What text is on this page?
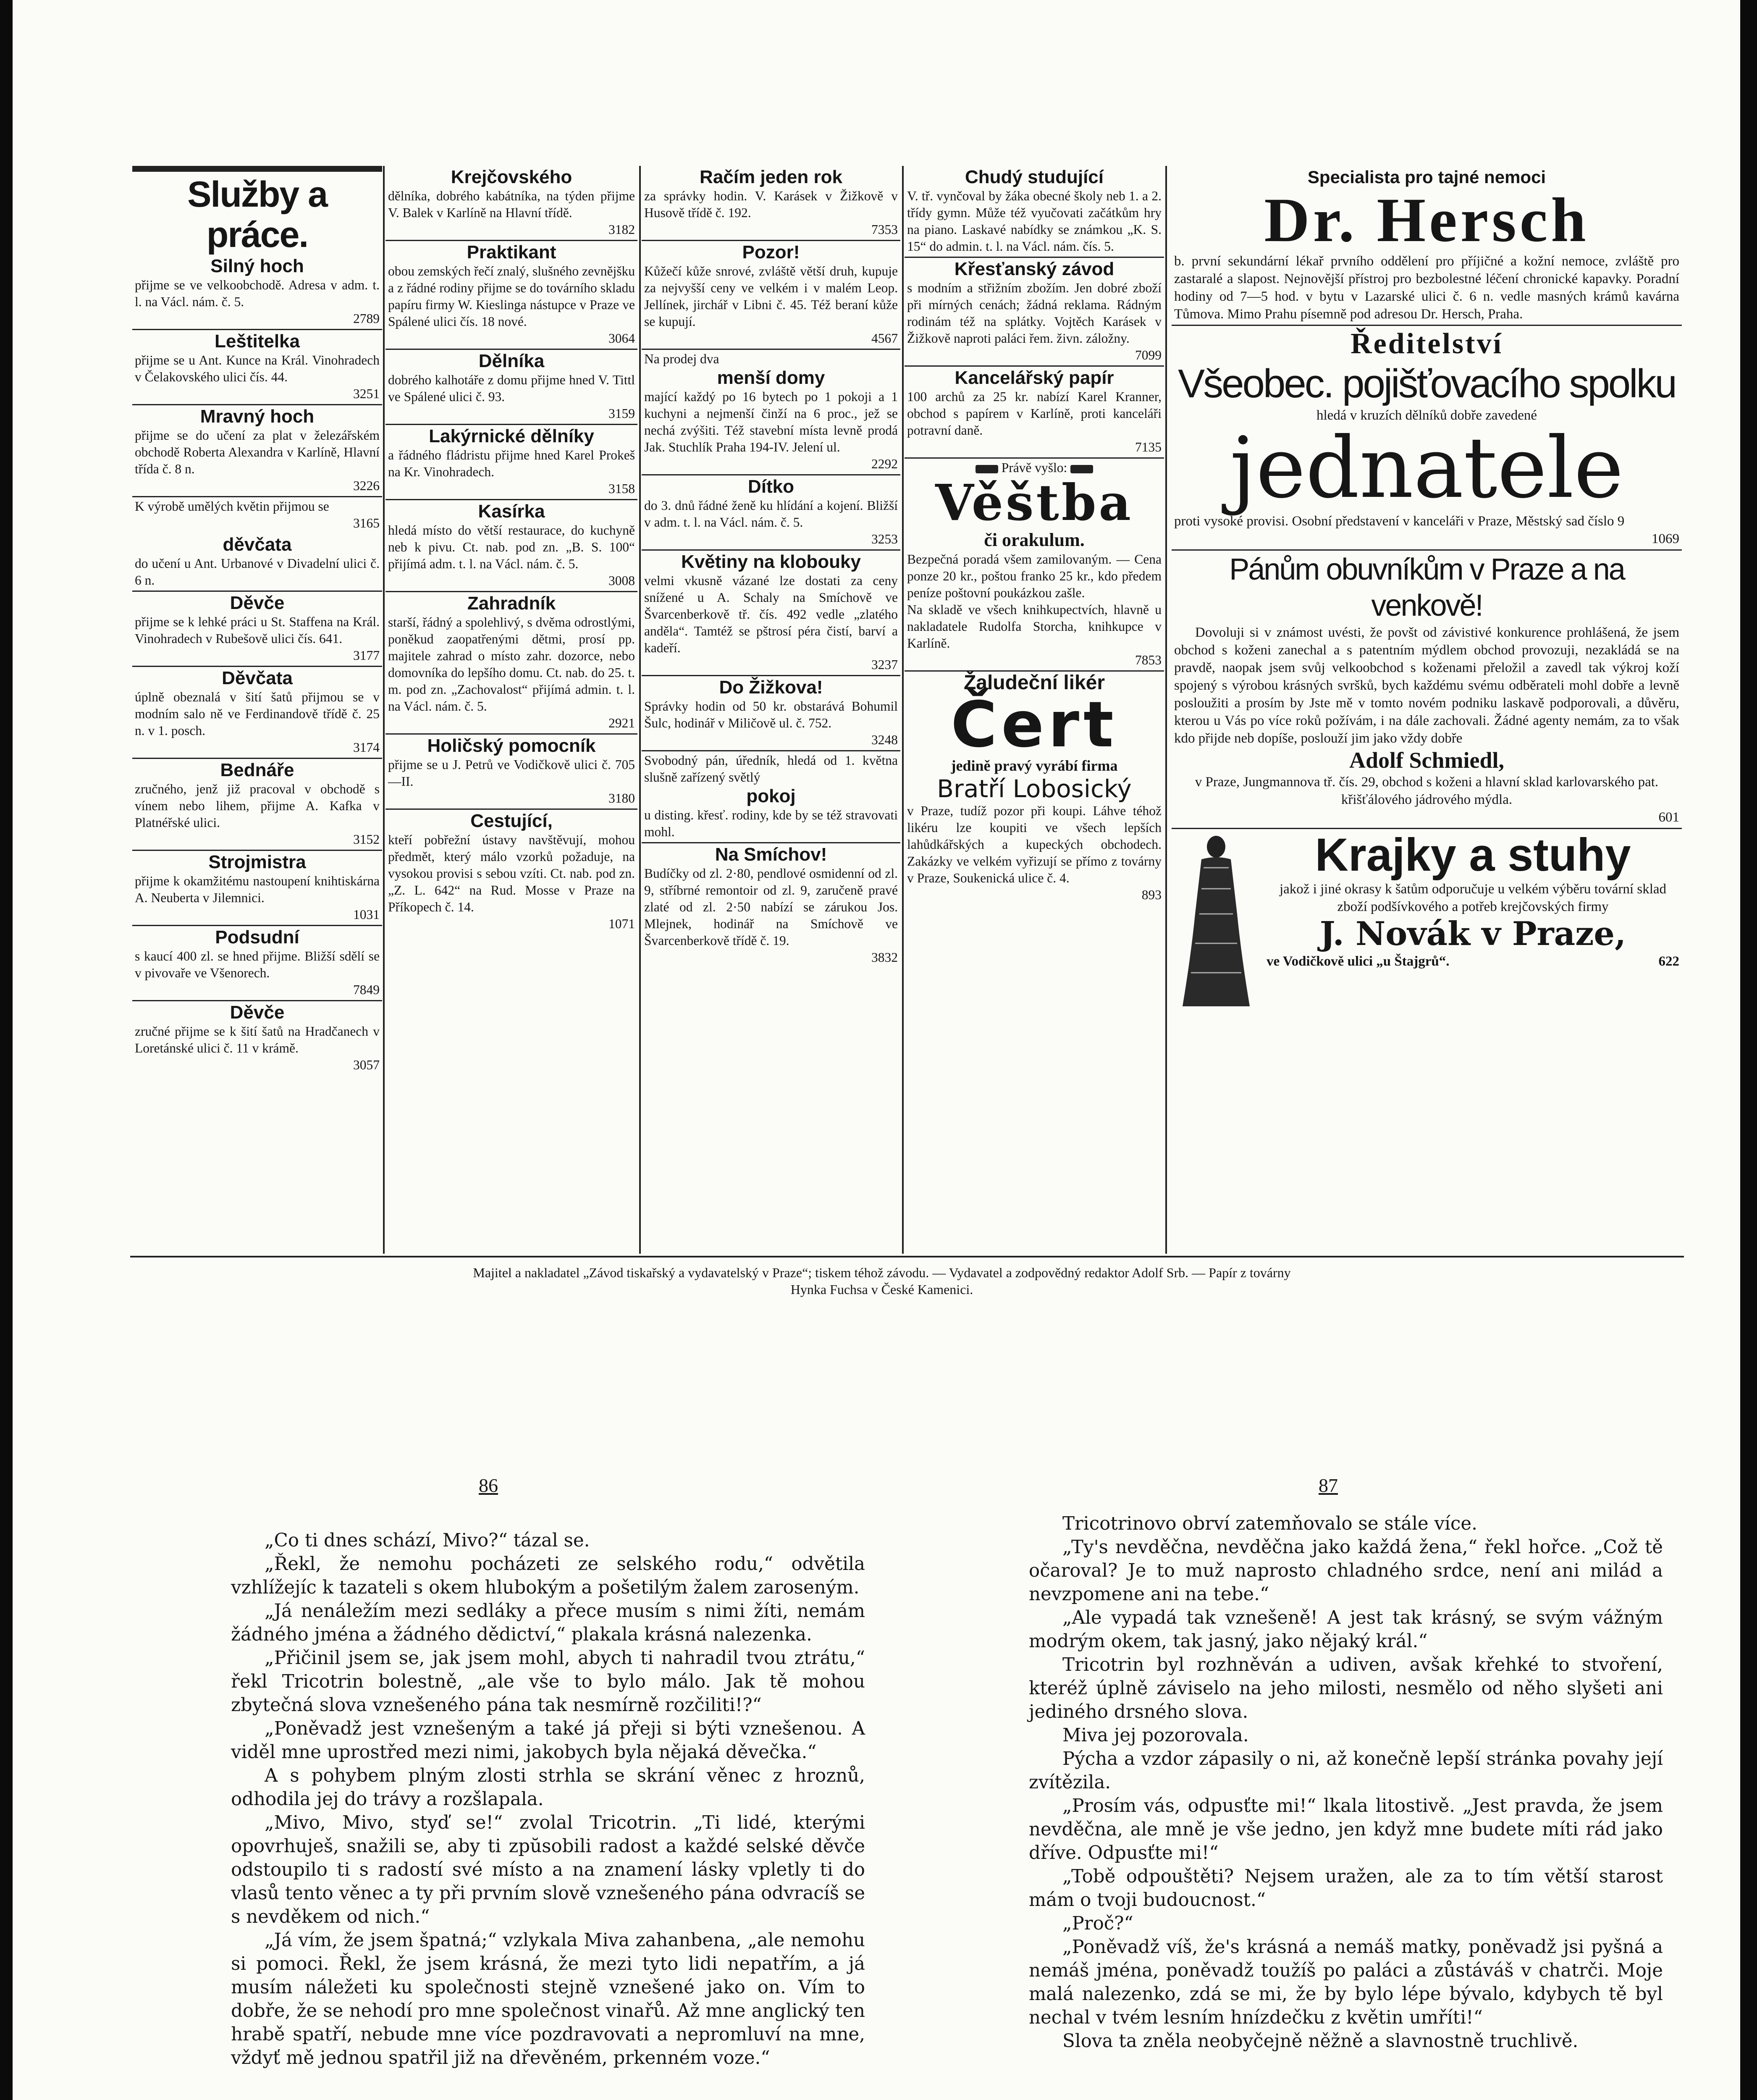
Služby a práce.
Silný hoch
přijme se ve velkoobchodě. Adresa v adm. t. l. na Václ. nám. č. 5.
2789
Leštitelka
přijme se u Ant. Kunce na Král. Vinohradech v Čelakovského ulici čís. 44.
3251
Mravný hoch
přijme se do učení za plat v železářském obchodě Roberta Alexandra v Karlíně, Hlavní třída č. 8 n.
3226
K výrobě umělých květin přijmou se
3165
děvčata
do učení u Ant. Urbanové v Divadelní ulici č. 6 n.
Děvče
přijme se k lehké práci u St. Staffena na Král. Vinohradech v Rubešově ulici čís. 641.
3177
Děvčata
úplně obeznalá v šití šatů přijmou se v modním salo ně ve Ferdinandově třídě č. 25 n. v 1. posch.
3174
Bednáře
zručného, jenž již pracoval v obchodě s vínem nebo lihem, přijme A. Kafka v Platnéřské ulici.
3152
Strojmistra
přijme k okamžitému nastoupení knihtiskárna A. Neuberta v Jilemnici.
1031
Podsudní
s kaucí 400 zl. se hned přijme. Bližší sdělí se v pivovaře ve Všenorech.
7849
Děvče
zručné přijme se k šití šatů na Hradčanech v Loretánské ulici č. 11 v krámě.
3057
Krejčovského
dělníka, dobrého kabátníka, na týden přijme V. Balek v Karlíně na Hlavní třídě.
3182
Praktikant
obou zemských řečí znalý, slušného zevnějšku a z řádné rodiny přijme se do továrního skladu papíru firmy W. Kieslinga nástupce v Praze ve Spálené ulici čís. 18 nové.
3064
Dělníka
dobrého kalhotáře z domu přijme hned V. Tittl ve Spálené ulici č. 93.
3159
Lakýrnické dělníky
a řádného fládristu přijme hned Karel Prokeš na Kr. Vinohradech.
3158
Kasírka
hledá místo do větší restaurace, do kuchyně neb k pivu. Ct. nab. pod zn. „B. S. 100“ přijímá adm. t. l. na Václ. nám. č. 5.
3008
Zahradník
starší, řádný a spolehlivý, s dvěma odrostlými, poněkud zaopatřenými dětmi, prosí pp. majitele zahrad o místo zahr. dozorce, nebo domovníka do lepšího domu. Ct. nab. do 25. t. m. pod zn. „Zachovalost“ přijímá admin. t. l. na Václ. nám. č. 5.
2921
Holičský pomocník
přijme se u J. Petrů ve Vodičkově ulici č. 705—II.
3180
Cestující,
kteří pobřežní ústavy navštěvují, mohou předmět, který málo vzorků požaduje, na vysokou provisi s sebou vzíti. Ct. nab. pod zn. „Z. L. 642“ na Rud. Mosse v Praze na Příkopech č. 14.
1071
Račím jeden rok
za správky hodin. V. Karásek v Žižkově v Husově třídě č. 192.
7353
Pozor!
Kůžečí kůže snrové, zvláště větší druh, kupuje za nejvyšší ceny ve velkém i v malém Leop. Jellínek, jirchář v Libni č. 45. Též beraní kůže se kupují.
4567
Na prodej dva
menší domy
mající každý po 16 bytech po 1 pokoji a 1 kuchyni a nejmenší činží na 6 proc., jež se nechá zvýšiti. Též stavební místa levně prodá Jak. Stuchlík Praha 194-IV. Jelení ul.
2292
Dítko
do 3. dnů řádné ženě ku hlídání a kojení. Bližší v adm. t. l. na Václ. nám. č. 5.
3253
Květiny na klobouky
velmi vkusně vázané lze dostati za ceny snížené u A. Schaly na Smíchově ve Švarcenberkově tř. čís. 492 vedle „zlatého anděla“. Tamtéž se pštrosí péra čistí, barví a kadeří.
3237
Do Žižkova!
Správky hodin od 50 kr. obstarává Bohumil Šulc, hodinář v Miličově ul. č. 752.
3248
Svobodný pán, úředník, hledá od 1. května slušně zařízený světlý
pokoj
u disting. křesť. rodiny, kde by se též stravovati mohl.
Na Smíchov!
Budíčky od zl. 2·80, pendlové osmidenní od zl. 9, stříbrné remontoir od zl. 9, zaručeně pravé zlaté od zl. 2·50 nabízí se zárukou Jos. Mlejnek, hodinář na Smíchově ve Švarcenberkově třídě č. 19.
3832
Chudý studující
V. tř. vynčoval by žáka obecné školy neb 1. a 2. třídy gymn. Může též vyučovati začátkům hry na piano. Laskavé nabídky se známkou „K. S. 15“ do admin. t. l. na Václ. nám. čís. 5.
Křesťanský závod
s modním a střižním zbožím. Jen dobré zboží při mírných cenách; žádná reklama. Rádným rodinám též na splátky. Vojtěch Karásek v Žižkově naproti paláci řem. živn. záložny.
7099
Kancelářský papír
100 archů za 25 kr. nabízí Karel Kranner, obchod s papírem v Karlíně, proti kanceláři potravní daně.
7135
Právě vyšlo:
Věštba
či orakulum.
Bezpečná poradá všem zamilovaným. — Cena ponze 20 kr., poštou franko 25 kr., kdo předem peníze poštovní poukázkou zašle.
Na skladě ve všech knihkupectvích, hlavně u nakladatele Rudolfa Storcha, knihkupce v Karlíně.
7853
Žaludeční likér
Čert
jedině pravý vyrábí firma
Bratří Lobosický
v Praze, tudíž pozor při koupi. Láhve téhož likéru lze koupiti ve všech lepších lahůdkářských a kupeckých obchodech. Zakázky ve velkém vyřizují se přímo z továrny v Praze, Soukenická ulice č. 4.
893
Specialista pro tajné nemoci
Dr. Hersch
b. první sekundární lékař prvního oddělení pro příjičné a kožní nemoce, zvláště pro zastaralé a slapost. Nejnovější přístroj pro bezbolestné léčení chronické kapavky. Poradní hodiny od 7—5 hod. v bytu v Lazarské ulici č. 6 n. vedle masných krámů kavárna Tůmova. Mimo Prahu písemně pod adresou Dr. Hersch, Praha.
Ředitelství
Všeobec. pojišťovacího spolku
hledá v kruzích dělníků dobře zavedené
jednatele
proti vysoké provisi. Osobní představení v kanceláři v Praze, Městský sad číslo 9
1069
Pánům obuvníkům v Praze a na venkově!
Dovoluji si v známost uvésti, že povšt od závistivé konkurence prohlášená, že jsem obchod s koženi zanechal a s patentním mýdlem obchod provozuji, nezakládá se na pravdě, naopak jsem svůj velkoobchod s koženami přeložil a zavedl tak výkroj koží spojený s výrobou krásných svršků, bych každému svému odběrateli mohl dobře a levně posloužiti a prosím by Jste mě v tomto novém podniku laskavě podporovali, a důvěru, kterou u Vás po více roků požívám, i na dále zachovali. Žádné agenty nemám, za to však kdo přijde neb dopíše, poslouží jim jako vždy dobře
Adolf Schmiedl,
v Praze, Jungmannova tř. čís. 29, obchod s koženi a hlavní sklad karlovarského pat. křišťálového jádrového mýdla.
601
Krajky a stuhy
jakož i jiné okrasy k šatům odporučuje u velkém výběru tovární sklad zboží podšívkového a potřeb krejčovských firmy
J. Novák v Praze,
ve Vodičkově ulici „u Štajgrů“.	622
Majitel a nakladatel „Závod tiskařský a vydavatelský v Praze“; tiskem téhož závodu. — Vydavatel a zodpovědný redaktor Adolf Srb. — Papír z továrny
Hynka Fuchsa v České Kamenici.
86	87

„Co ti dnes schází, Mivo?“ tázal se.

„Řekl, že nemohu pocházeti ze selského rodu,“ odvětila vzhlížejíc k tazateli s okem hlubokým a pošetilým žalem zaroseným.

„Já nenáležím mezi sedláky a přece musím s nimi žíti, nemám žádného jména a žádného dědictví,“ plakala krásná nalezenka.

„Přičinil jsem se, jak jsem mohl, abych ti nahradil tvou ztrátu,“ řekl Tricotrin bolestně, „ale vše to bylo málo. Jak tě mohou zbytečná slova vznešeného pána tak nesmírně rozčiliti!?“

„Poněvadž jest vznešeným a také já přeji si býti vznešenou. A viděl mne uprostřed mezi nimi, jakobych byla nějaká děvečka.“

A s pohybem plným zlosti strhla se skrání věnec z hroznů, odhodila jej do trávy a rozšlapala.

„Mivo, Mivo, styď se!“ zvolal Tricotrin. „Ti lidé, kterými opovrhuješ, snažili se, aby ti zpŭsobili radost a každé selské děvče odstoupilo ti s radostí své místo a na znamení lásky vpletly ti do vlasů tento věnec a ty při prvním slově vznešeného pána odvracíš se s nevděkem od nich.“

„Já vím, že jsem špatná;“ vzlykala Miva zahanbena, „ale nemohu si pomoci. Řekl, že jsem krásná, že mezi tyto lidi nepatřím, a já musím náležeti ku společnosti stejně vznešené jako on. Vím to dobře, že se nehodí pro mne společnost vinařů. Až mne anglický ten hrabě spatří, nebude mne více pozdravovati a nepromluví na mne, vždyť mě jednou spatřil již na dřevěném, prkenném voze.“

Tricotrinovo obrví zatemňovalo se stále více.

„Ty's nevděčna, nevděčna jako každá žena,“ řekl hořce. „Což tě očaroval? Je to muž naprosto chladného srdce, není ani milád a nevzpomene ani na tebe.“

„Ale vypadá tak vznešeně! A jest tak krásný, se svým vážným modrým okem, tak jasný, jako nějaký král.“

Tricotrin byl rozhněván a udiven, avšak křehké to stvoření, kteréž úplně záviselo na jeho milosti, nesmělo od něho slyšeti ani jediného drsného slova.

Miva jej pozorovala.

Pýcha a vzdor zápasily o ni, až konečně lepší stránka povahy její zvítězila.

„Prosím vás, odpusťte mi!“ lkala litostivě. „Jest pravda, že jsem nevděčna, ale mně je vše jedno, jen když mne budete míti rád jako dříve. Odpusťte mi!“

„Tobě odpouštěti? Nejsem uražen, ale za to tím větší starost mám o tvoji budoucnost.“

„Proč?“

„Poněvadž víš, že's krásná a nemáš matky, poněvadž jsi pyšná a nemáš jména, poněvadž toužíš po paláci a zůstáváš v chatrči. Moje malá nalezenko, zdá se mi, že by bylo lépe bývalo, kdybych tě byl nechal v tvém lesním hnízdečku z květin umříti!“

Slova ta zněla neobyčejně něžně a slavnostně truchlivě.
